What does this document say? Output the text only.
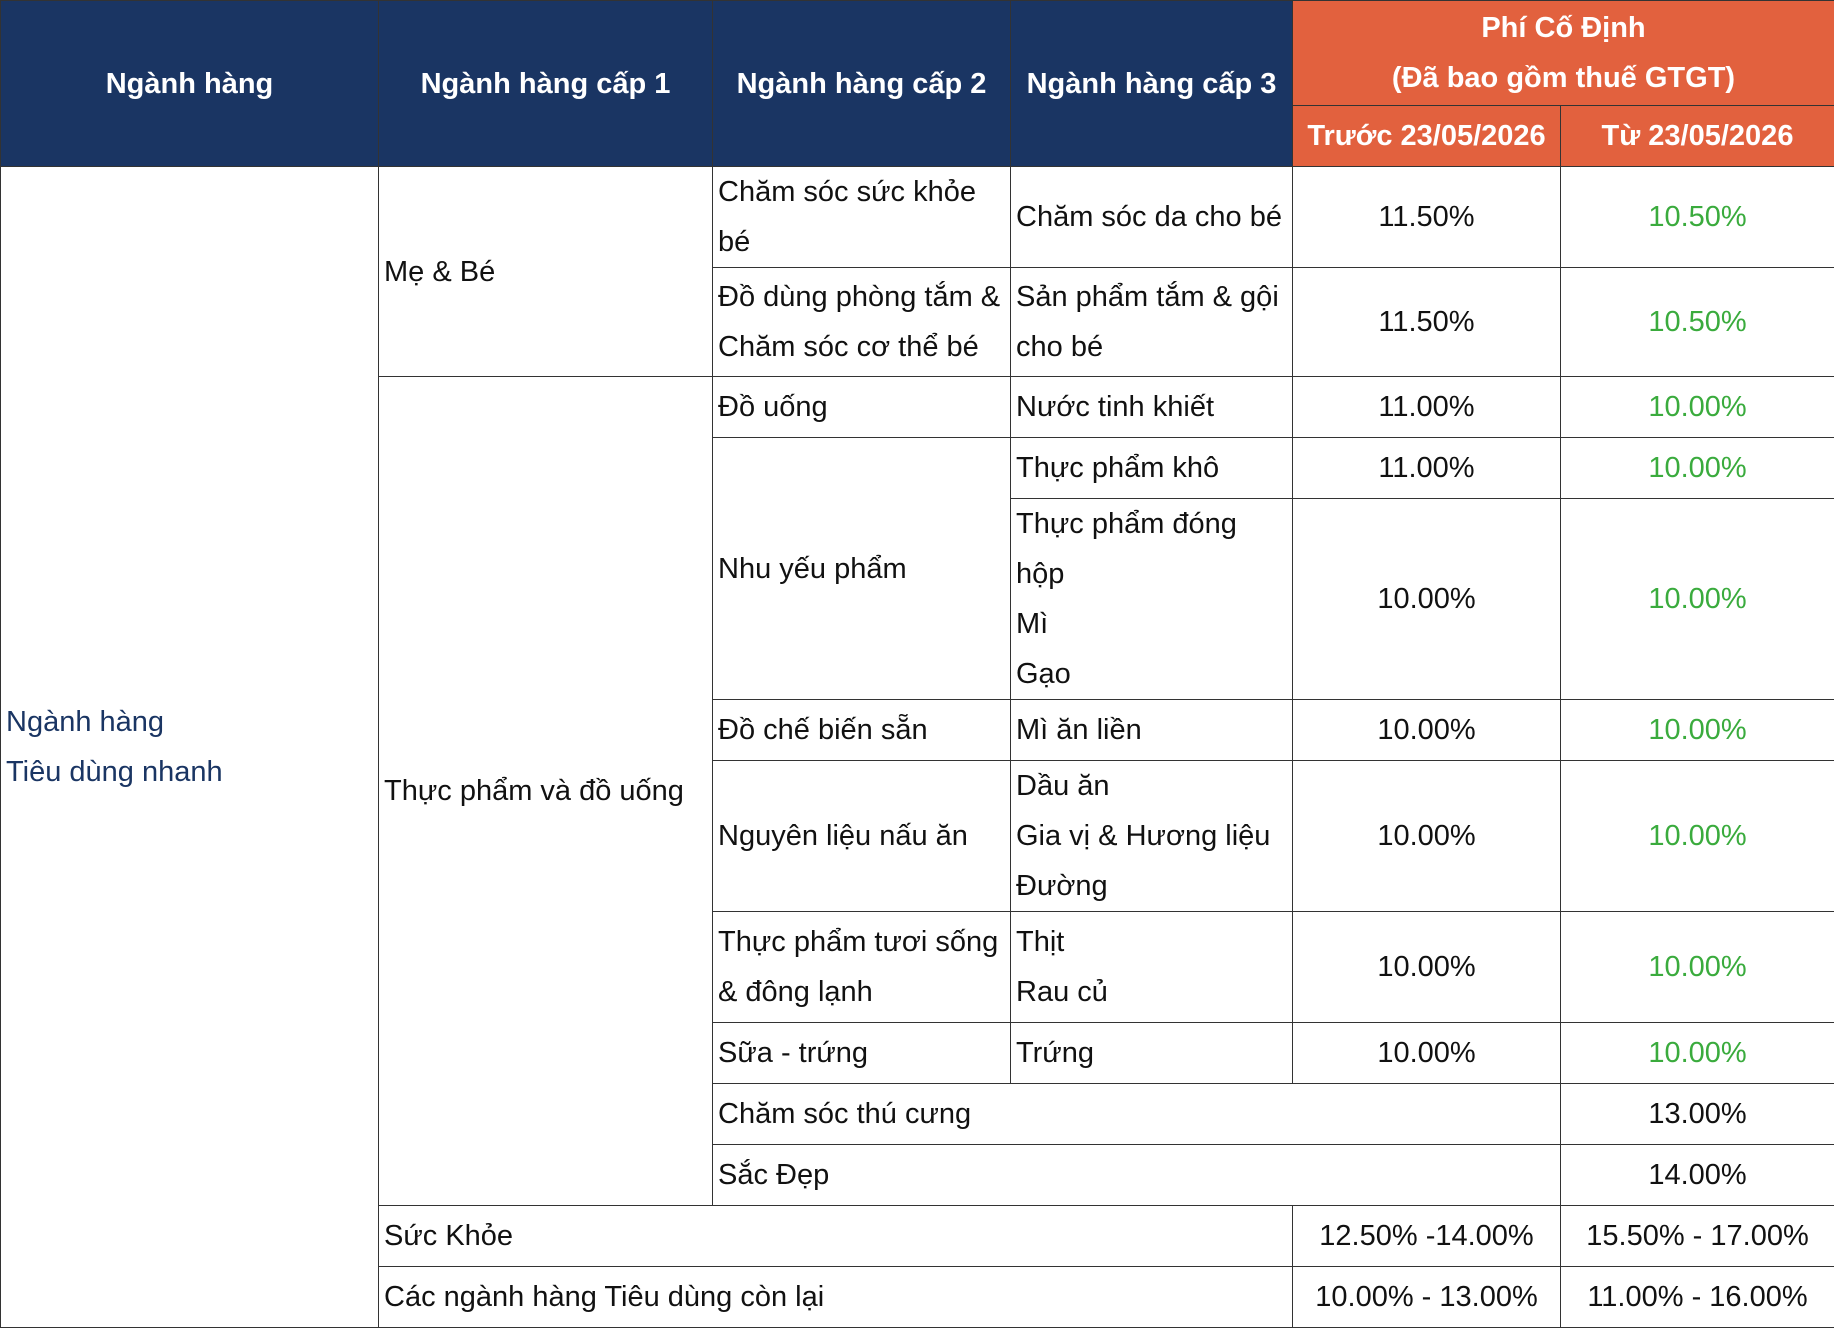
Ngành hàng	Ngành hàng cấp 1	Ngành hàng cấp 2	Ngành hàng cấp 3	Phí Cố Định
(Đã bao gồm thuế GTGT)		

				Trước 23/05/2026	Từ 23/05/2026	

Ngành hàng
Tiêu dùng nhanh	Mẹ & Bé	Chăm sóc sức khỏe bé	Chăm sóc da cho bé	11.50%	10.50%	

		Đồ dùng phòng tắm &
Chăm sóc cơ thể bé	Sản phẩm tắm & gội
cho bé	11.50%	10.50%	
	Thực phẩm và đồ uống	Đồ uống	Nước tinh khiết	11.00%	10.00%	

		Nhu yếu phẩm	Thực phẩm khô	11.00%	10.00%	

			Thực phẩm đóng hộp
Mì
Gạo	10.00%	10.00%	

		Đồ chế biến sẵn	Mì ăn liền	10.00%	10.00%	

		Nguyên liệu nấu ăn	Dầu ăn
Gia vị & Hương liệu
Đường	10.00%	10.00%	

		Thực phẩm tươi sống
& đông lạnh	Thịt
Rau củ	10.00%	10.00%	

		Sữa - trứng	Trứng	10.00%	10.00%	
		Chăm sóc thú cưng			13.00%	
		Sắc Đẹp			14.00%	
	Sức Khỏe			12.50% -14.00%	15.50% - 17.00%	
	Các ngành hàng Tiêu dùng còn lại			10.00% - 13.00%	11.00% - 16.00%	
